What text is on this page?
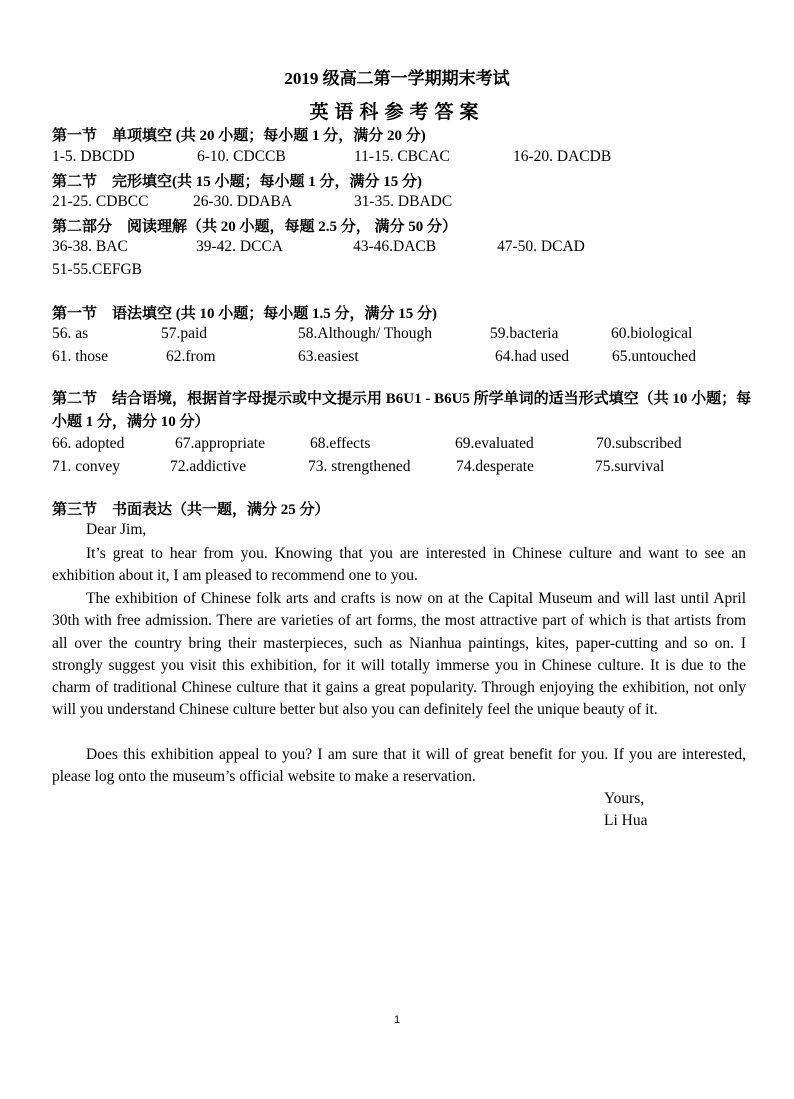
2019 级高二第一学期期末考试
英语科参考答案
第一节　单项填空 (共 20 小题；每小题 1 分，满分 20 分)
1-5. DBCDD	6-10. CDCCB	11-15. CBCAC	16-20. DACDB
第二节　完形填空(共 15 小题；每小题 1 分，满分 15 分)
21-25. CDBCC	26-30. DDABA	31-35. DBADC
第二部分　阅读理解（共 20 小题，每题 2.5 分， 满分 50 分）
36-38. BAC	39-42. DCCA	43-46.DACB	47-50. DCAD
51-55.CEFGB
第一节　语法填空 (共 10 小题；每小题 1.5 分，满分 15 分)
56. as	57.paid	58.Although/ Though	59.bacteria	60.biological
61. those	62.from	63.easiest	64.had used	65.untouched
第二节　结合语境，根据首字母提示或中文提示用 B6U1 - B6U5 所学单词的适当形式填空（共 10 小题；每小题 1 分，满分 10 分）
66. adopted	67.appropriate	68.effects	69.evaluated	70.subscribed
71. convey	72.addictive	73. strengthened	74.desperate	75.survival
第三节　书面表达（共一题，满分 25 分）
Dear Jim,
It’s great to hear from you. Knowing that you are interested in Chinese culture and want to see an exhibition about it, I am pleased to recommend one to you.
The exhibition of Chinese folk arts and crafts is now on at the Capital Museum and will last until April 30th with free admission. There are varieties of art forms, the most attractive part of which is that artists from all over the country bring their masterpieces, such as Nianhua paintings, kites, paper-cutting and so on. I strongly suggest you visit this exhibition, for it will totally immerse you in Chinese culture. It is due to the charm of traditional Chinese culture that it gains a great popularity. Through enjoying the exhibition, not only will you understand Chinese culture better but also you can definitely feel the unique beauty of it.
Does this exhibition appeal to you? I am sure that it will of great benefit for you. If you are interested, please log onto the museum’s official website to make a reservation.
Yours,
Li Hua
1
